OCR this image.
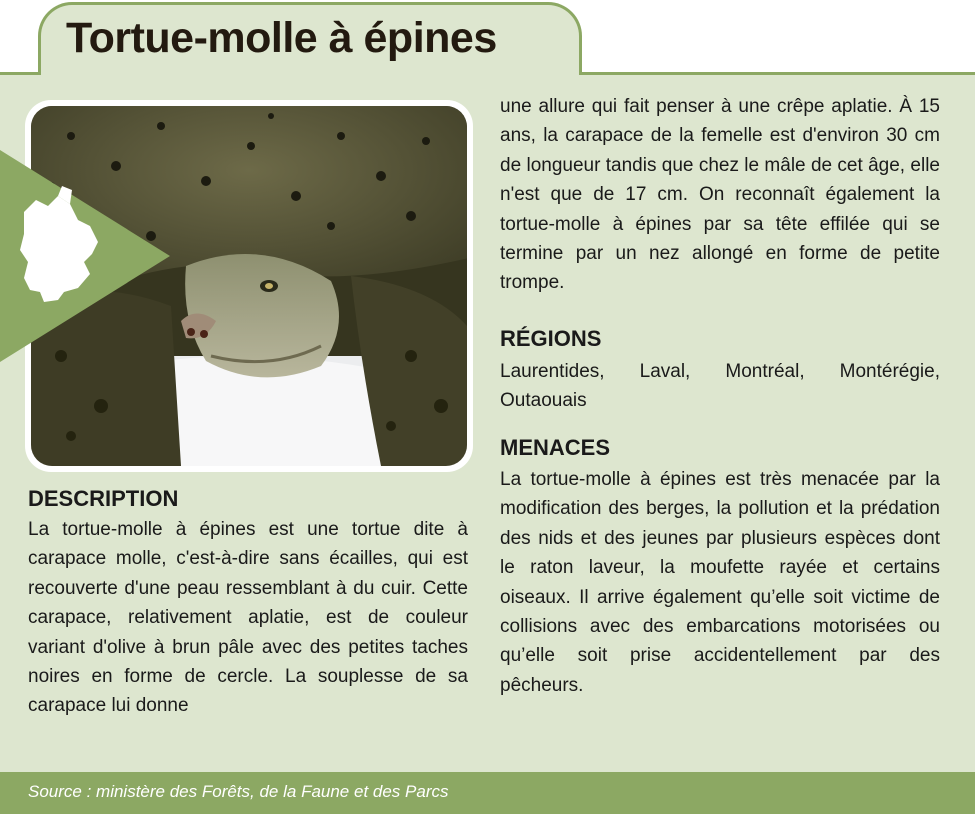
Tortue-molle à épines
DESCRIPTION

La tortue-molle à épines est une tortue dite à carapace molle, c'est-à-dire sans écailles, qui est recouverte d'une peau ressemblant à du cuir. Cette carapace, relativement aplatie, est de couleur variant d'olive à brun pâle avec des petites taches noires en forme de cercle. La souplesse de sa carapace lui donne

une allure qui fait penser à une crêpe aplatie. À 15 ans, la carapace de la femelle est d'environ 30 cm de longueur tandis que chez le mâle de cet âge, elle n'est que de 17 cm. On reconnaît également la tortue-molle à épines par sa tête effilée qui se termine par un nez allongé en forme de petite trompe.

RÉGIONS

Laurentides, Laval, Montréal, Montérégie, Outaouais

MENACES

La tortue-molle à épines est très menacée par la modification des berges, la pollution et la prédation des nids et des jeunes par plusieurs espèces dont le raton laveur, la moufette rayée et certains oiseaux. Il arrive également qu’elle soit victime de collisions avec des embarcations motorisées ou qu’elle soit prise accidentellement par des pêcheurs.

Source : ministère des Forêts, de la Faune et des Parcs
